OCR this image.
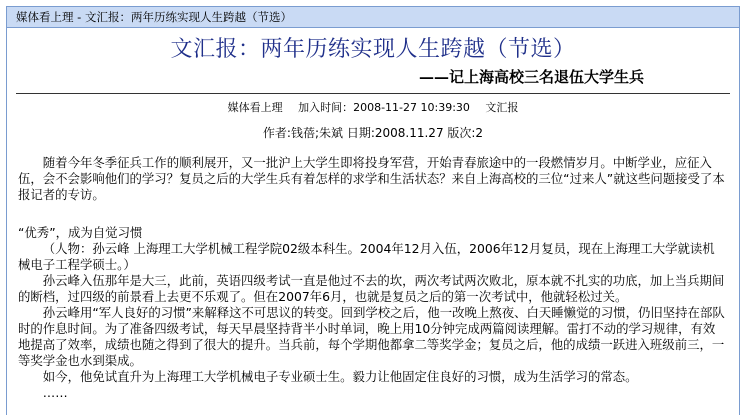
媒体看上理 - 文汇报：两年历练实现人生跨越（节选）
文汇报：两年历练实现人生跨越（节选）
——记上海高校三名退伍大学生兵
媒体看上理 加入时间：2008-11-27 10:39:30 文汇报
作者:钱蓓;朱斌 日期:2008.11.27 版次:2

随着今年冬季征兵工作的顺利展开，又一批沪上大学生即将投身军营，开始青春旅途中的一段燃情岁月。中断学业，应征入伍，会不会影响他们的学习？复员之后的大学生兵有着怎样的求学和生活状态？来自上海高校的三位“过来人”就这些问题接受了本报记者的专访。

“优秀”，成为自觉习惯

（人物：孙云峰 上海理工大学机械工程学院02级本科生。2004年12月入伍，2006年12月复员，现在上海理工大学就读机械电子工程学硕士。）

孙云峰入伍那年是大三，此前，英语四级考试一直是他过不去的坎，两次考试两次败北，原本就不扎实的功底，加上当兵期间的断档，过四级的前景看上去更不乐观了。但在2007年6月，也就是复员之后的第一次考试中，他就轻松过关。

孙云峰用“军人良好的习惯”来解释这不可思议的转变。回到学校之后，他一改晚上熬夜、白天睡懒觉的习惯，仍旧坚持在部队时的作息时间。为了准备四级考试，每天早晨坚持背半小时单词，晚上用10分钟完成两篇阅读理解。雷打不动的学习规律，有效地提高了效率，成绩也随之得到了很大的提升。当兵前，每个学期他都拿二等奖学金；复员之后，他的成绩一跃进入班级前三，一等奖学金也水到渠成。

如今，他免试直升为上海理工大学机械电子专业硕士生。毅力让他固定住良好的习惯，成为生活学习的常态。

……
